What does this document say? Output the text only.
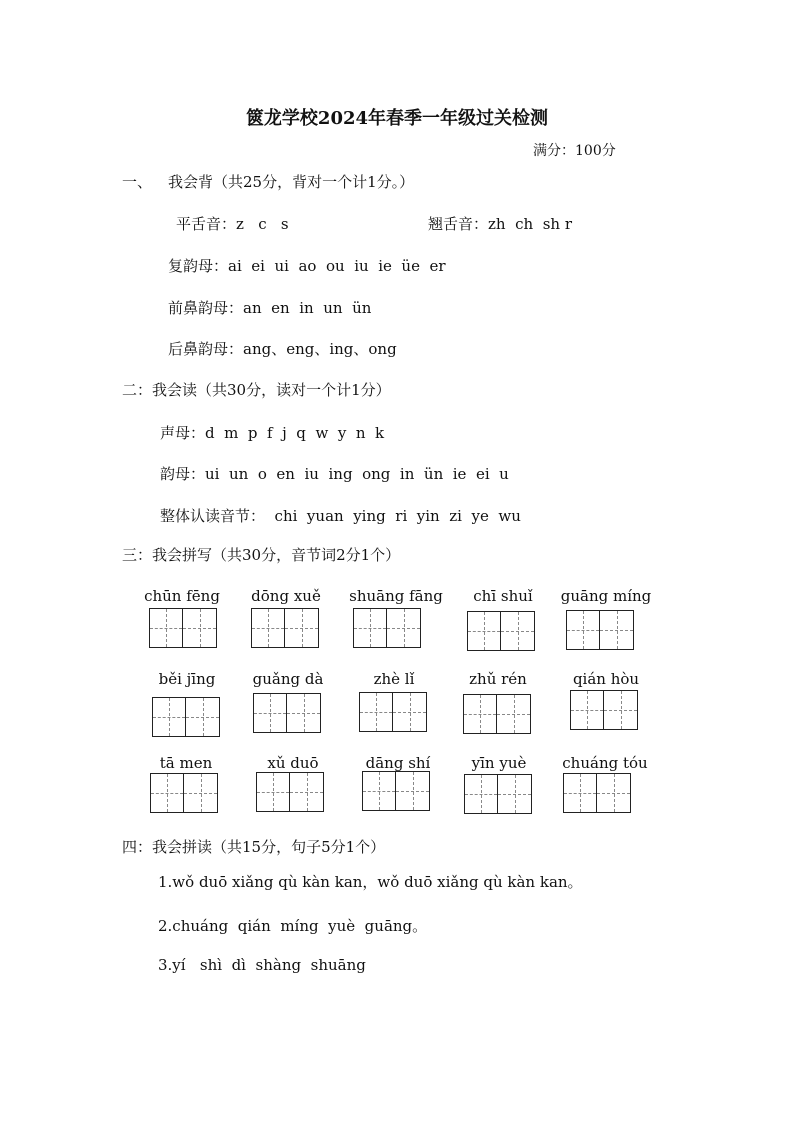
篋龙学校2024年春季一年级过关检测
满分：100分
一、 我会背（共25分，背对一个计1分。）
平舌音：z   c   s	翘舌音：zh  ch  sh r
复韵母：ai  ei  ui  ao  ou  iu  ie  üe  er
前鼻韵母：an  en  in  un  ün
后鼻韵母：ang、eng、ing、ong
二：我会读（共30分，读对一个计1分）
声母：d  m  p  f  j  q  w  y  n  k
韵母：ui  un  o  en  iu  ing  ong  in  ün  ie  ei  u
整体认读音节：  chi  yuan  ying  ri  yin  zi  ye  wu
三：我会拼写（共30分，音节词2分1个）
chūn fēng	dōng xuě	shuāng fāng	chī shuǐ	guāng míng
běi jīng	guǎng dà	zhè lǐ	zhǔ rén	qián hòu
tā men	xǔ duō	dāng shí	yīn yuè	chuáng tóu
四：我会拼读（共15分，句子5分1个）
1.wǒ duō xiǎng qù kàn kan，wǒ duō xiǎng qù kàn kan。
2.chuáng  qián  míng  yuè  guāng。
3.yí   shì  dì  shàng  shuāng
